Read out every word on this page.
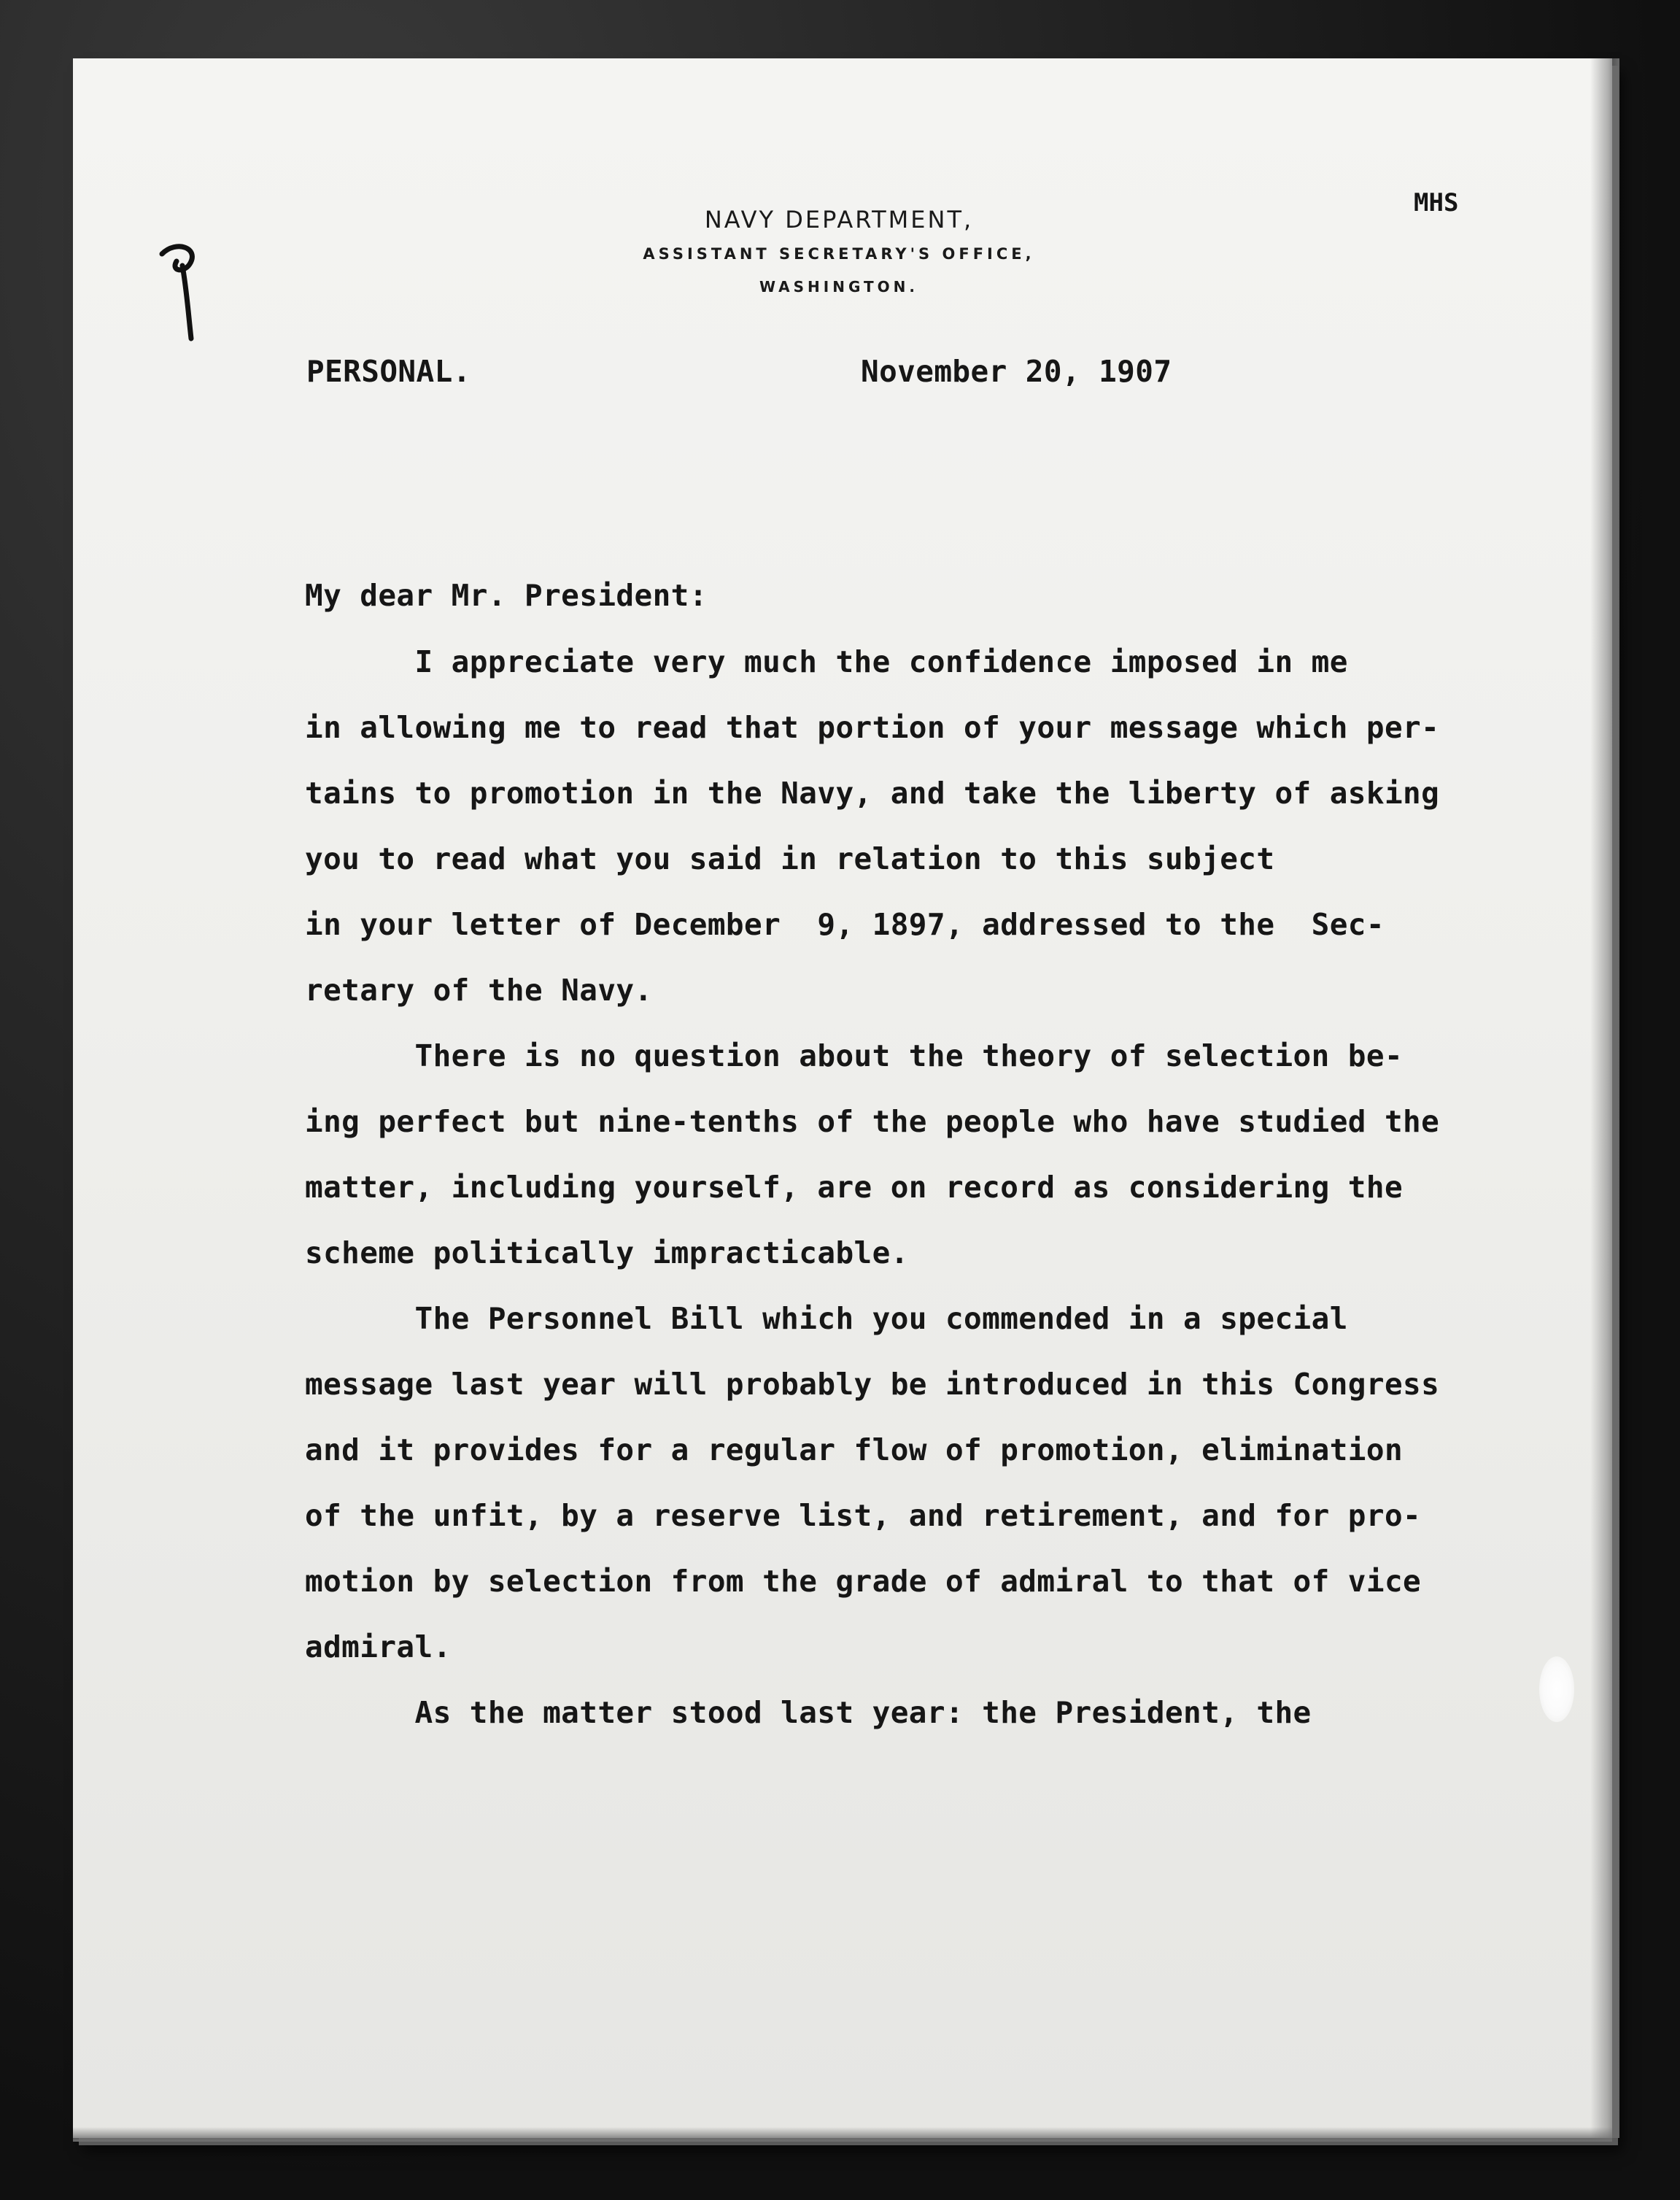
NAVY DEPARTMENT,
ASSISTANT SECRETARY'S OFFICE,
WASHINGTON.
MHS
PERSONAL.	November 20, 1907
My dear Mr. President:
I appreciate very much the confidence imposed in me
in allowing me to read that portion of your message which per-
tains to promotion in the Navy, and take the liberty of asking
you to read what you said in relation to this subject
in your letter of December  9, 1897, addressed to the  Sec-
retary of the Navy.
There is no question about the theory of selection be-
ing perfect but nine-tenths of the people who have studied the
matter, including yourself, are on record as considering the
scheme politically impracticable.
The Personnel Bill which you commended in a special
message last year will probably be introduced in this Congress
and it provides for a regular flow of promotion, elimination
of the unfit, by a reserve list, and retirement, and for pro-
motion by selection from the grade of admiral to that of vice
admiral.
As the matter stood last year: the President, the
